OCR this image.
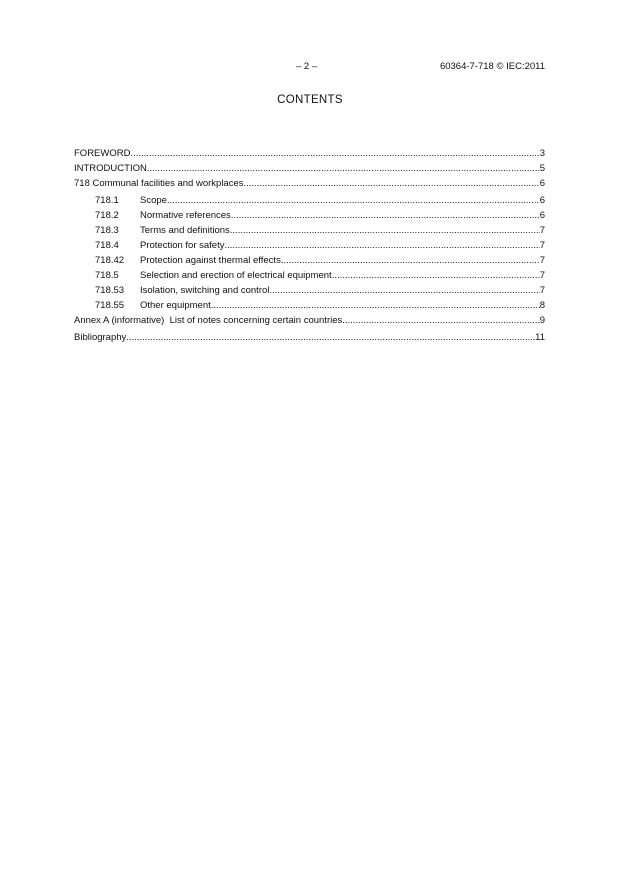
– 2 –	60364-7-718 © IEC:2011
CONTENTS
FOREWORD .....	3
INTRODUCTION .....	5
718 Communal facilities and workplaces .....	6
718.1	Scope .....	6
718.2	Normative references .....	6
718.3	Terms and definitions .....	7
718.4	Protection for safety .....	7
718.42	Protection against thermal effects .....	7
718.5	Selection and erection of electrical equipment .....	7
718.53	Isolation, switching and control .....	7
718.55	Other equipment .....	8
Annex A (informative)  List of notes concerning certain countries .....	9
Bibliography .....	11
